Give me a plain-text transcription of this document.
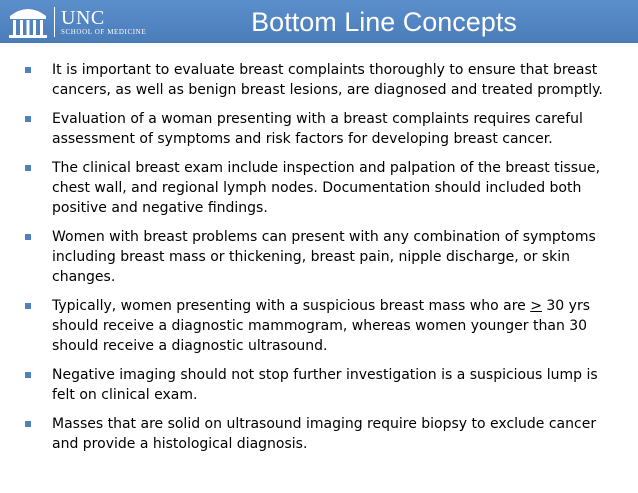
UNC
SCHOOL OF MEDICINE	Bottom Line Concepts
It is important to evaluate breast complaints thoroughly to ensure that breast cancers, as well as benign breast lesions, are diagnosed and treated promptly.
Evaluation of a woman presenting with a breast complaints requires careful assessment of symptoms and risk factors for developing breast cancer.
The clinical breast exam include inspection and palpation of the breast tissue, chest wall, and regional lymph nodes. Documentation should included both positive and negative findings.
Women with breast problems can present with any combination of symptoms including breast mass or thickening, breast pain, nipple discharge, or skin changes.
Typically, women presenting with a suspicious breast mass who are ≥ 30 yrs should receive a diagnostic mammogram, whereas women younger than 30 should receive a diagnostic ultrasound.
Negative imaging should not stop further investigation is a suspicious lump is felt on clinical exam.
Masses that are solid on ultrasound imaging require biopsy to exclude cancer and provide a histological diagnosis.
